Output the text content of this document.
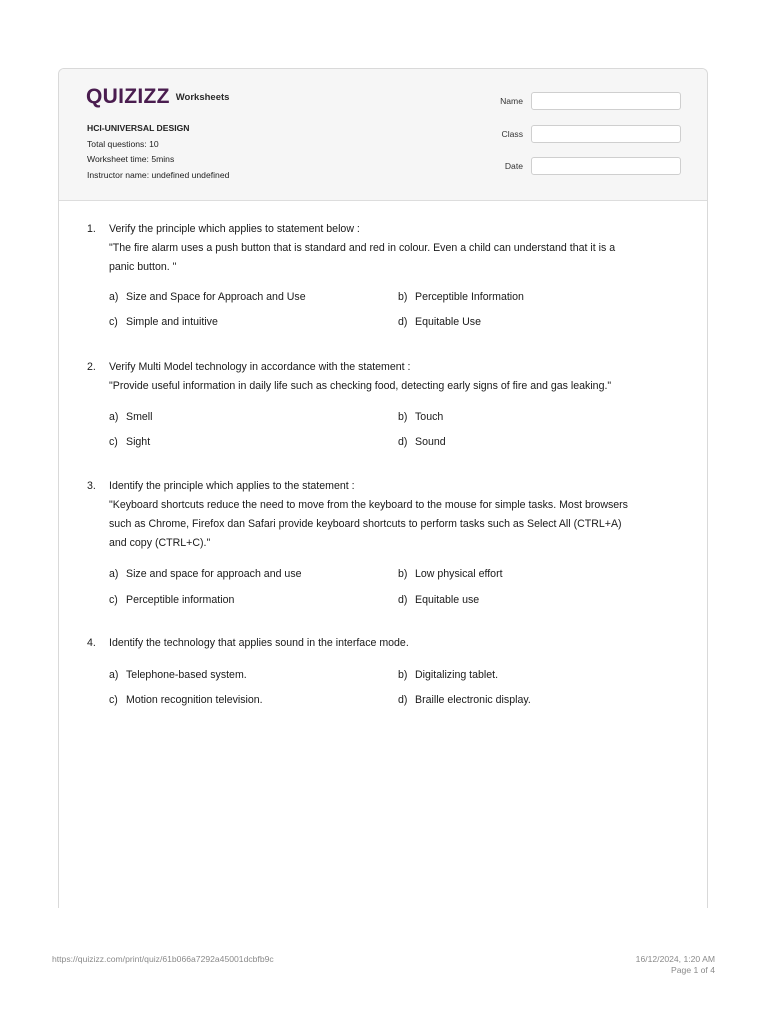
QUIZIZZ Worksheets
HCI-UNIVERSAL DESIGN
Total questions: 10
Worksheet time: 5mins
Instructor name: undefined undefined
Name
Class
Date
1. Verify the principle which applies to statement below :
"The fire alarm uses a push button that is standard and red in colour. Even a child can understand that it is a
panic button. "
a) Size and Space for Approach and Use	b) Perceptible Information
c) Simple and intuitive	d) Equitable Use
2. Verify Multi Model technology in accordance with the statement :
"Provide useful information in daily life such as checking food, detecting early signs of fire and gas leaking."
a) Smell	b) Touch
c) Sight	d) Sound
3. Identify the principle which applies to the statement :
"Keyboard shortcuts reduce the need to move from the keyboard to the mouse for simple tasks. Most browsers
such as Chrome, Firefox dan Safari provide keyboard shortcuts to perform tasks such as Select All (CTRL+A)
and copy (CTRL+C)."
a) Size and space for approach and use	b) Low physical effort
c) Perceptible information	d) Equitable use
4. Identify the technology that applies sound in the interface mode.
a) Telephone-based system.	b) Digitalizing tablet.
c) Motion recognition television.	d) Braille electronic display.
https://quizizz.com/print/quiz/61b066a7292a45001dcbfb9c	16/12/2024, 1:20 AM
Page 1 of 4
